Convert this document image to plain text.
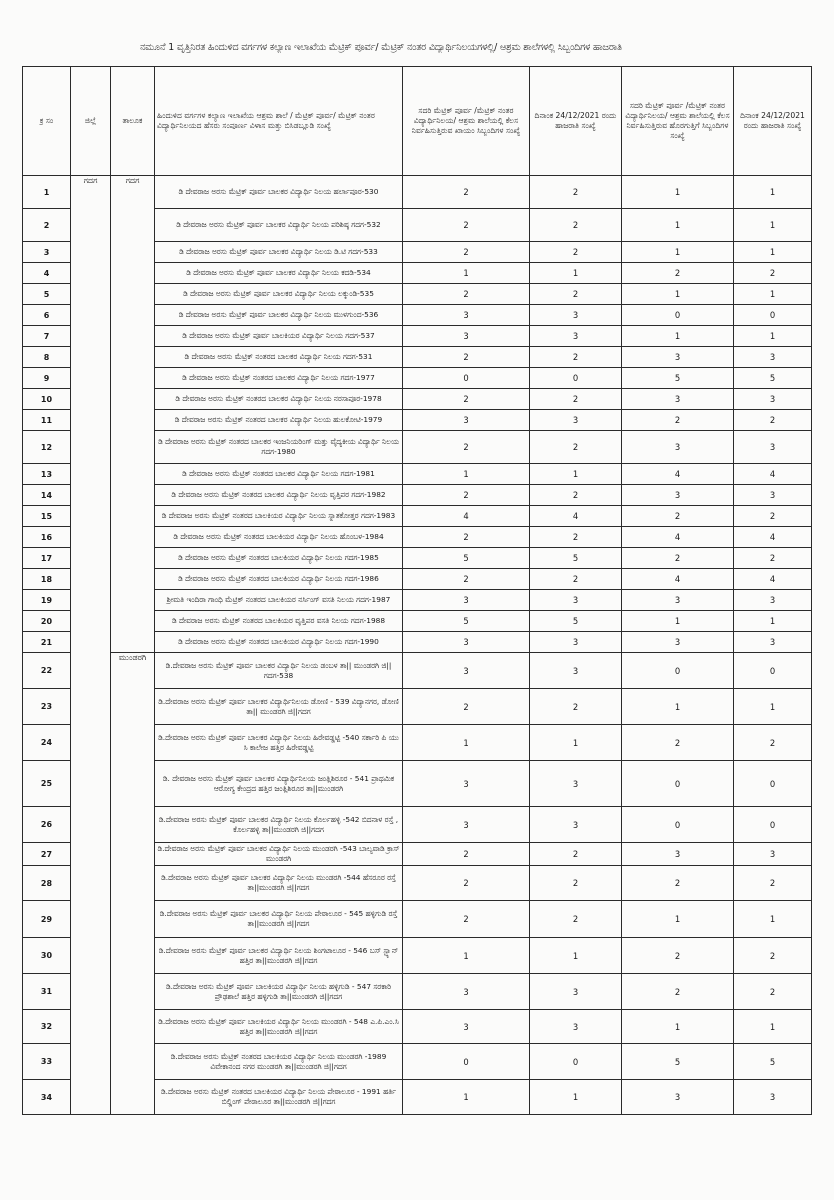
ನಮೂನೆ 1 ವೃತ್ತಿನಿರತ ಹಿಂದುಳಿದ ವರ್ಗಗಳ ಕಲ್ಯಾಣ ಇಲಾಖೆಯ ಮೆಟ್ರಿಕ್ ಪೂರ್ವ/ ಮೆಟ್ರಿಕ್ ನಂತರ ವಿದ್ಯಾರ್ಥಿನಿಲಯಗಳಲ್ಲಿ/ ಆಶ್ರಮ ಶಾಲೆಗಳಲ್ಲಿ ಸಿಬ್ಬಂದಿಗಳ ಹಾಜರಾತಿ
ಕ್ರ ಸಂ	ಜಿಲ್ಲೆ	ತಾಲೂಕ	ಹಿಂದುಳಿದ ವರ್ಗಗಳ ಕಲ್ಯಾಣ ಇಲಾಖೆಯ ಆಶ್ರಮ ಶಾಲೆ / ಮೆಟ್ರಿಕ್ ಪೂರ್ವ/ ಮೆಟ್ರಿಕ್ ನಂತರ ವಿದ್ಯಾರ್ಥಿನಿಲಯದ ಹೆಸರು ಸಂಪೂರ್ಣ ವಿಳಾಸ ಮತ್ತು ಬಿಸಿಡಬ್ಲೂಡಿ ಸಂಖ್ಯೆ	ಸದರಿ ಮೆಟ್ರಿಕ್ ಪೂರ್ವ /ಮೆಟ್ರಿಕ್ ನಂತರ ವಿದ್ಯಾರ್ಥಿನಿಲಯ/ ಆಶ್ರಮ ಶಾಲೆಯಲ್ಲಿ ಕೆಲಸ ನಿರ್ವಹಿಸುತ್ತಿರುವ ಖಾಯಂ ಸಿಬ್ಬಂದಿಗಳ ಸಂಖ್ಯೆ	ದಿನಾಂಕ 24/12/2021 ರಂದು ಹಾಜರಾತಿ ಸಂಖ್ಯೆ	ಸದರಿ ಮೆಟ್ರಿಕ್ ಪೂರ್ವ /ಮೆಟ್ರಿಕ್ ನಂತರ ವಿದ್ಯಾರ್ಥಿನಿಲಯ/ ಆಶ್ರಮ ಶಾಲೆಯಲ್ಲಿ ಕೆಲಸ ನಿರ್ವಹಿಸುತ್ತಿರುವ ಹೊರಗುತ್ತಿಗೆ ಸಿಬ್ಬಂದಿಗಳ ಸಂಖ್ಯೆ	ದಿನಾಂಕ 24/12/2021 ರಂದು ಹಾಜರಾತಿ ಸಂಖ್ಯೆ
1	ಗದಗ	ಗದಗ	ಡಿ ದೇವರಾಜ ಅರಸು ಮೆಟ್ರಿಕ್ ಪೂರ್ವ ಬಾಲಕರ ವಿದ್ಯಾರ್ಥಿ ನಿಲಯ ಹರ್ಲಾಪೂರ-530	2	2	1	1
2			ಡಿ ದೇವರಾಜ ಅರಸು ಮೆಟ್ರಿಕ್ ಪೂರ್ವ ಬಾಲಕರ ವಿದ್ಯಾರ್ಥಿ ನಿಲಯ ಪರಿಶಿಷ್ಠ ಗದಗ-532	2	2	1	1
3			ಡಿ ದೇವರಾಜ ಅರಸು ಮೆಟ್ರಿಕ್ ಪೂರ್ವ ಬಾಲಕರ ವಿದ್ಯಾರ್ಥಿ ನಿಲಯ ಡಿ.ಟಿ ಗದಗ-533	2	2	1	1
4			ಡಿ ದೇವರಾಜ ಅರಸು ಮೆಟ್ರಿಕ್ ಪೂರ್ವ ಬಾಲಕರ ವಿದ್ಯಾರ್ಥಿ ನಿಲಯ ಕದಡಿ-534	1	1	2	2
5			ಡಿ ದೇವರಾಜ ಅರಸು ಮೆಟ್ರಿಕ್ ಪೂರ್ವ ಬಾಲಕರ ವಿದ್ಯಾರ್ಥಿ ನಿಲಯ ಲಕ್ಕುಂಡಿ-535	2	2	1	1
6			ಡಿ ದೇವರಾಜ ಅರಸು ಮೆಟ್ರಿಕ್ ಪೂರ್ವ ಬಾಲಕರ ವಿದ್ಯಾರ್ಥಿ ನಿಲಯ ಮುಳಗುಂದ-536	3	3	0	0
7			ಡಿ ದೇವರಾಜ ಅರಸು ಮೆಟ್ರಿಕ್ ಪೂರ್ವ ಬಾಲಕಿಯರ ವಿದ್ಯಾರ್ಥಿ ನಿಲಯ ಗದಗ-537	3	3	1	1
8			ಡಿ ದೇವರಾಜ ಅರಸು ಮೆಟ್ರಿಕ್ ನಂತರದ ಬಾಲಕರ ವಿದ್ಯಾರ್ಥಿ ನಿಲಯ ಗದಗ-531	2	2	3	3
9			ಡಿ ದೇವರಾಜ ಅರಸು ಮೆಟ್ರಿಕ್ ನಂತರದ ಬಾಲಕರ ವಿದ್ಯಾರ್ಥಿ ನಿಲಯ ಗದಗ-1977	0	0	5	5
10			ಡಿ ದೇವರಾಜ ಅರಸು ಮೆಟ್ರಿಕ್ ನಂತರದ ಬಾಲಕರ ವಿದ್ಯಾರ್ಥಿ ನಿಲಯ ನರಸಾಪೂರ-1978	2	2	3	3
11			ಡಿ ದೇವರಾಜ ಅರಸು ಮೆಟ್ರಿಕ್ ನಂತರದ ಬಾಲಕರ ವಿದ್ಯಾರ್ಥಿ ನಿಲಯ ಹುಲಕೋಟಿ-1979	3	3	2	2
12			ಡಿ ದೇವರಾಜ ಅರಸು ಮೆಟ್ರಿಕ್ ನಂತರದ ಬಾಲಕರ ಇಂಜನಿಯರಿಂಗ್ ಮತ್ತು ವೈದ್ಯಕೀಯ ವಿದ್ಯಾರ್ಥಿ ನಿಲಯ ಗದಗ-1980	2	2	3	3
13			ಡಿ ದೇವರಾಜ ಅರಸು ಮೆಟ್ರಿಕ್ ನಂತರದ ಬಾಲಕರ ವಿದ್ಯಾರ್ಥಿ ನಿಲಯ ಗದಗ-1981	1	1	4	4
14			ಡಿ ದೇವರಾಜ ಅರಸು ಮೆಟ್ರಿಕ್ ನಂತರದ ಬಾಲಕರ ವಿದ್ಯಾರ್ಥಿ ನಿಲಯ ವೃತ್ತಿಪರ ಗದಗ-1982	2	2	3	3
15			ಡಿ ದೇವರಾಜ ಅರಸು ಮೆಟ್ರಿಕ್ ನಂತರದ ಬಾಲಕಿಯರ ವಿದ್ಯಾರ್ಥಿ ನಿಲಯ ಸ್ನಾತಕೋತ್ತರ ಗದಗ-1983	4	4	2	2
16			ಡಿ ದೇವರಾಜ ಅರಸು ಮೆಟ್ರಿಕ್ ನಂತರದ ಬಾಲಕಿಯರ ವಿದ್ಯಾರ್ಥಿ ನಿಲಯ ಹೊಂಬಳ-1984	2	2	4	4
17			ಡಿ ದೇವರಾಜ ಅರಸು ಮೆಟ್ರಿಕ್ ನಂತರದ ಬಾಲಕಿಯರ ವಿದ್ಯಾರ್ಥಿ ನಿಲಯ ಗದಗ-1985	5	5	2	2
18			ಡಿ ದೇವರಾಜ ಅರಸು ಮೆಟ್ರಿಕ್ ನಂತರದ ಬಾಲಕಿಯರ ವಿದ್ಯಾರ್ಥಿ ನಿಲಯ ಗದಗ-1986	2	2	4	4
19			ಶ್ರೀಮತಿ ಇಂದಿರಾ ಗಾಂಧಿ ಮೆಟ್ರಿಕ್ ನಂತರದ ಬಾಲಕಿಯರ ನರ್ಸಿಂಗ್ ವಸತಿ ನಿಲಯ ಗದಗ-1987	3	3	3	3
20			ಡಿ ದೇವರಾಜ ಅರಸು ಮೆಟ್ರಿಕ್ ನಂತರದ ಬಾಲಕಿಯರ ವೃತ್ತಿಪರ ವಸತಿ ನಿಲಯ ಗದಗ-1988	5	5	1	1
21			ಡಿ ದೇವರಾಜ ಅರಸು ಮೆಟ್ರಿಕ್ ನಂತರದ ಬಾಲಕಿಯರ ವಿದ್ಯಾರ್ಥಿ ನಿಲಯ ಗದಗ-1990	3	3	3	3
22		ಮುಂಡರಗಿ	ಡಿ.ದೇವರಾಜ ಅರಸು ಮೆಟ್ರಿಕ್ ಪೂರ್ವ ಬಾಲಕರ ವಿದ್ಯಾರ್ಥಿ ನಿಲಯ ಡಂಬಳ ತಾ|| ಮುಂಡರಗಿ ಜಿ||ಗದಗ-538	3	3	0	0
23			ಡಿ.ದೇವರಾಜ ಅರಸು ಮೆಟ್ರಿಕ್ ಪೂರ್ವ ಬಾಲಕರ ವಿದ್ಯಾರ್ಥಿನಿಲಯ ಡೋಣಿ - 539 ವಿದ್ಯಾನಗರ, ಡೋಣಿ ತಾ|| ಮುಂಡರಗಿ ಜಿ||ಗದಗ	2	2	1	1
24			ಡಿ.ದೇವರಾಜ ಅರಸು ಮೆಟ್ರಿಕ್ ಪೂರ್ವ ಬಾಲಕರ ವಿದ್ಯಾರ್ಥಿ ನಿಲಯ ಹಿರೇವಡ್ಡಟ್ಟಿ -540 ಸರ್ಕಾರಿ ಪಿ ಯು ಸಿ ಕಾಲೇಜ ಹತ್ತಿರ ಹಿರೇವಡ್ಡಟ್ಟಿ	1	1	2	2
25			ಡಿ. ದೇವರಾಜ ಅರಸು ಮೆಟ್ರಿಕ್ ಪೂರ್ವ ಬಾಲಕರ ವಿದ್ಯಾರ್ಥಿನಿಲಯ ಜಂತ್ಲಿಶಿರೂರ - 541 ಪ್ರಾಥಮಿಕ ಆರೋಗ್ಯ ಕೇಂದ್ರದ ಹತ್ತಿರ ಜಂತ್ಲಿಶಿರೂರ ತಾ||ಮುಂಡರಗಿ	3	3	0	0
26			ಡಿ.ದೇವರಾಜ ಅರಸು ಮೆಟ್ರಿಕ್ ಪೂರ್ವ ಬಾಲಕರ ವಿದ್ಯಾರ್ಥಿ ನಿಲಯ ಕೊರ್ಲಹಳ್ಳಿ -542 ಬಿದನಾಳ ರಸ್ತೆ , ಕೊರ್ಲಹಳ್ಳಿ ತಾ||ಮುಂಡರಗಿ ಜಿ||ಗದಗ	3	3	0	0
27			ಡಿ.ದೇವರಾಜ ಅರಸು ಮೆಟ್ರಿಕ್ ಪೂರ್ವ ಬಾಲಕರ ವಿದ್ಯಾರ್ಥಿ ನಿಲಯ ಮುಂಡರಗಿ -543 ಬಾಲ್ಯವಾಡಿ ಕ್ರಾಸ್ ಮುಂಡರಗಿ	2	2	3	3
28			ಡಿ.ದೇವರಾಜ ಅರಸು ಮೆಟ್ರಿಕ್ ಪೂರ್ವ ಬಾಲಕರ ವಿದ್ಯಾರ್ಥಿ ನಿಲಯ ಮುಂಡರಗಿ -544 ಹೆಸರೂರ ರಸ್ತೆ ತಾ||ಮುಂಡರಗಿ ಜಿ||ಗದಗ	2	2	2	2
29			ಡಿ.ದೇವರಾಜ ಅರಸು ಮೆಟ್ರಿಕ್ ಪೂರ್ವ ಬಾಲಕರ ವಿದ್ಯಾರ್ಥಿ ನಿಲಯ ಪೇಠಾಲೂರ - 545 ಹಳ್ಳಿಗುಡಿ ರಸ್ತೆ ತಾ||ಮುಂಡರಗಿ ಜಿ||ಗದಗ	2	2	1	1
30			ಡಿ.ದೇವರಾಜ ಅರಸು ಮೆಟ್ರಿಕ್ ಪೂರ್ವ ಬಾಲಕರ ವಿದ್ಯಾರ್ಥಿ ನಿಲಯ ಶಿಂಗಟಾಲೂರ - 546 ಬಸ್ ಸ್ಟ್ಯಾನ್ ಹತ್ತಿರ ತಾ||ಮುಂಡರಗಿ ಜಿ||ಗದಗ	1	1	2	2
31			ಡಿ.ದೇವರಾಜ ಅರಸು ಮೆಟ್ರಿಕ್ ಪೂರ್ವ ಬಾಲಕಿಯರ ವಿದ್ಯಾರ್ಥಿ ನಿಲಯ ಹಳ್ಳಿಗುಡಿ - 547 ಸರಕಾರಿ ಪ್ರೌಢಶಾಲೆ ಹತ್ತಿರ ಹಳ್ಳಿಗುಡಿ ತಾ||ಮುಂಡರಗಿ ಜಿ||ಗದಗ	3	3	2	2
32			ಡಿ.ದೇವರಾಜ ಅರಸು ಮೆಟ್ರಿಕ್ ಪೂರ್ವ ಬಾಲಕಿಯರ ವಿದ್ಯಾರ್ಥಿ ನಿಲಯ ಮುಂಡರಗಿ - 548 ಎ.ಪಿ.ಎಂ.ಸಿ ಹತ್ತಿರ ತಾ||ಮುಂಡರಗಿ ಜಿ||ಗದಗ	3	3	1	1
33			ಡಿ.ದೇವರಾಜ ಅರಸು ಮೆಟ್ರಿಕ್ ನಂತರದ ಬಾಲಕಿಯರ ವಿದ್ಯಾರ್ಥಿ ನಿಲಯ ಮುಂಡರಗಿ -1989 ವಿವೇಕಾನಂದ ನಗರ ಮುಂಡರಗಿ ತಾ||ಮುಂಡರಗಿ ಜಿ||ಗದಗ	0	0	5	5
34			ಡಿ.ದೇವರಾಜ ಅರಸು ಮೆಟ್ರಿಕ್ ನಂತರದ ಬಾಲಕಿಯರ ವಿದ್ಯಾರ್ಥಿ ನಿಲಯ ಪೇಠಾಲೂರ - 1991 ಹರ್ತಿ ಬಿಲ್ಡಿಂಗ್ ಪೇಠಾಲೂರ ತಾ||ಮುಂಡರಗಿ ಜಿ||ಗದಗ	1	1	3	3
